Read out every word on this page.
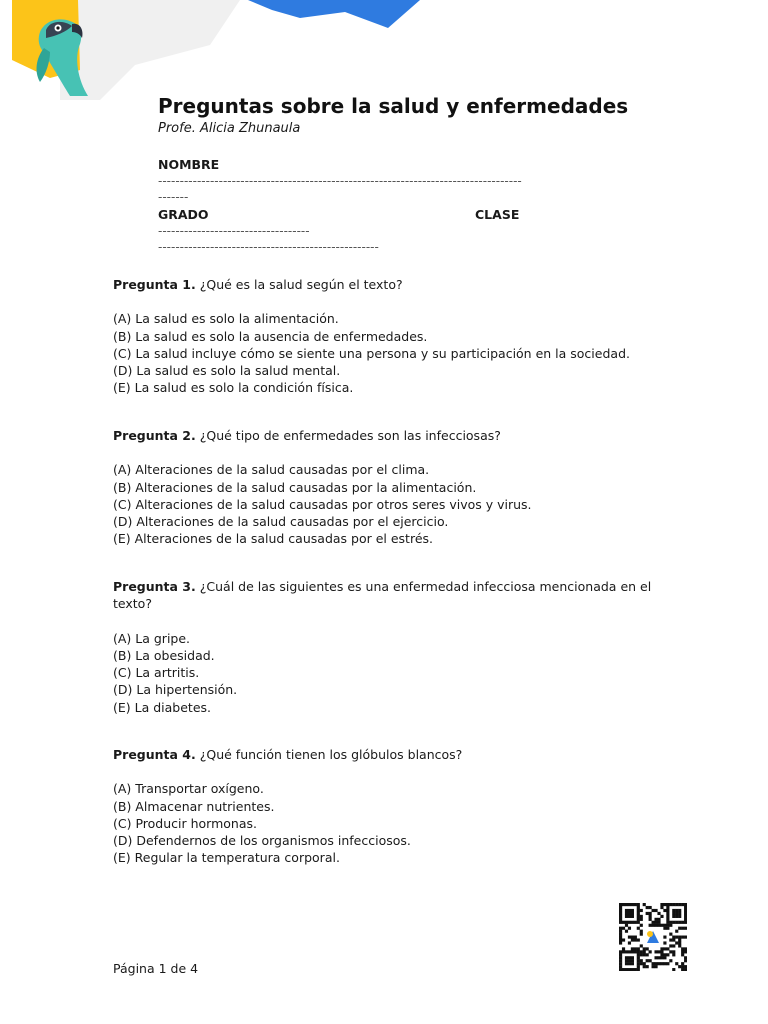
Preguntas sobre la salud y enfermedades
Profe. Alicia Zhunaula
NOMBRE
------------------------------------------------------------------------------------
-------
GRADO	CLASE
-----------------------------------
---------------------------------------------------

Pregunta 1. ¿Qué es la salud según el texto?

(A) La salud es solo la alimentación.
(B) La salud es solo la ausencia de enfermedades.
(C) La salud incluye cómo se siente una persona y su participación en la sociedad.
(D) La salud es solo la salud mental.
(E) La salud es solo la condición física.

Pregunta 2. ¿Qué tipo de enfermedades son las infecciosas?

(A) Alteraciones de la salud causadas por el clima.
(B) Alteraciones de la salud causadas por la alimentación.
(C) Alteraciones de la salud causadas por otros seres vivos y virus.
(D) Alteraciones de la salud causadas por el ejercicio.
(E) Alteraciones de la salud causadas por el estrés.

Pregunta 3. ¿Cuál de las siguientes es una enfermedad infecciosa mencionada en el texto?

(A) La gripe.
(B) La obesidad.
(C) La artritis.
(D) La hipertensión.
(E) La diabetes.

Pregunta 4. ¿Qué función tienen los glóbulos blancos?

(A) Transportar oxígeno.
(B) Almacenar nutrientes.
(C) Producir hormonas.
(D) Defendernos de los organismos infecciosos.
(E) Regular la temperatura corporal.
Página 1 de 4
